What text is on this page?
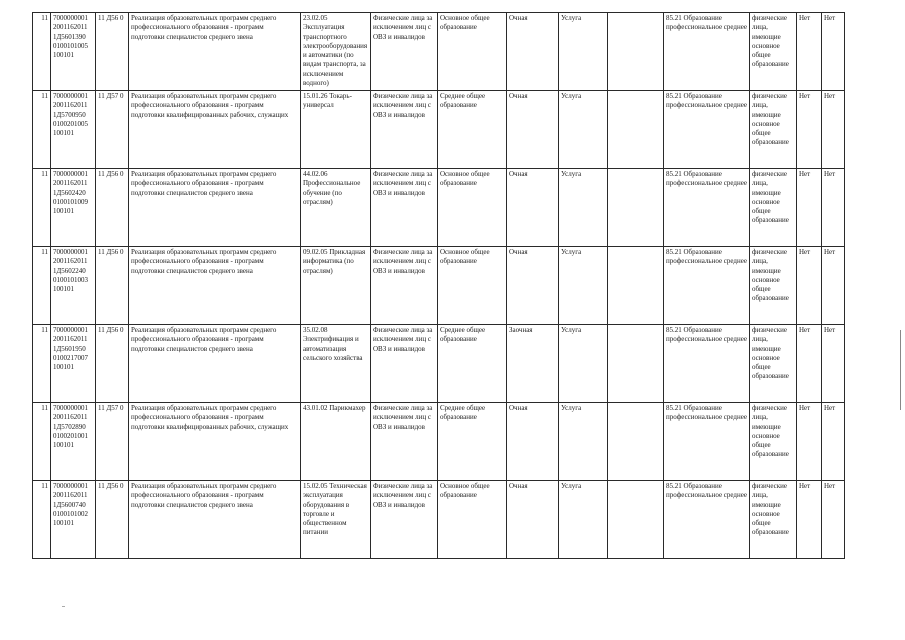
11	7000000001 2001162011 1Д5601390 0100101005 100101	11 Д56 0	Реализация образовательных программ среднего профессионального образования - программ подготовки специалистов среднего звена	23.02.05 Эксплуатация транспортного электрооборудования и автоматики (по видам транспорта, за исключением водного)	Физические лица за исключением лиц с ОВЗ и инвалидов	Основное общее образование	Очная	Услуга		85.21 Образование профессиональное среднее	физические лица, имеющие основное общее образование	Нет	Нет
11	7000000001 2001162011 1Д5700950 0100201005 100101	11 Д57 0	Реализация образовательных программ среднего профессионального образования - программ подготовки квалифицированных рабочих, служащих	15.01.26 Токарь-универсал	Физические лица за исключением лиц с ОВЗ и инвалидов	Среднее общее образование	Очная	Услуга		85.21 Образование профессиональное среднее	физические лица, имеющие основное общее образование	Нет	Нет
11	7000000001 2001162011 1Д5602420 0100101009 100101	11 Д56 0	Реализация образовательных программ среднего профессионального образования - программ подготовки специалистов среднего звена	44.02.06 Профессиональное обучение (по отраслям)	Физические лица за исключением лиц с ОВЗ и инвалидов	Основное общее образование	Очная	Услуга		85.21 Образование профессиональное среднее	физические лица, имеющие основное общее образование	Нет	Нет
11	7000000001 2001162011 1Д5602240 0100101003 100101	11 Д56 0	Реализация образовательных программ среднего профессионального образования - программ подготовки специалистов среднего звена	09.02.05 Прикладная информатика (по отраслям)	Физические лица за исключением лиц с ОВЗ и инвалидов	Основное общее образование	Очная	Услуга		85.21 Образование профессиональное среднее	физические лица, имеющие основное общее образование	Нет	Нет
11	7000000001 2001162011 1Д5601950 0100217007 100101	11 Д56 0	Реализация образовательных программ среднего профессионального образования - программ подготовки специалистов среднего звена	35.02.08 Электрификация и автоматизация сельского хозяйства	Физические лица за исключением лиц с ОВЗ и инвалидов	Среднее общее образование	Заочная	Услуга		85.21 Образование профессиональное среднее	физические лица, имеющие основное общее образование	Нет	Нет
11	7000000001 2001162011 1Д5702890 0100201001 100101	11 Д57 0	Реализация образовательных программ среднего профессионального образования - программ подготовки квалифицированных рабочих, служащих	43.01.02 Парикмахер	Физические лица за исключением лиц с ОВЗ и инвалидов	Среднее общее образование	Очная	Услуга		85.21 Образование профессиональное среднее	физические лица, имеющие основное общее образование	Нет	Нет
11	7000000001 2001162011 1Д5600740 0100101002 100101	11 Д56 0	Реализация образовательных программ среднего профессионального образования - программ подготовки специалистов среднего звена	15.02.05 Техническая эксплуатация оборудования в торговле и общественном питании	Физические лица за исключением лиц с ОВЗ и инвалидов	Основное общее образование	Очная	Услуга		85.21 Образование профессиональное среднее	физические лица, имеющие основное общее образование	Нет	Нет
